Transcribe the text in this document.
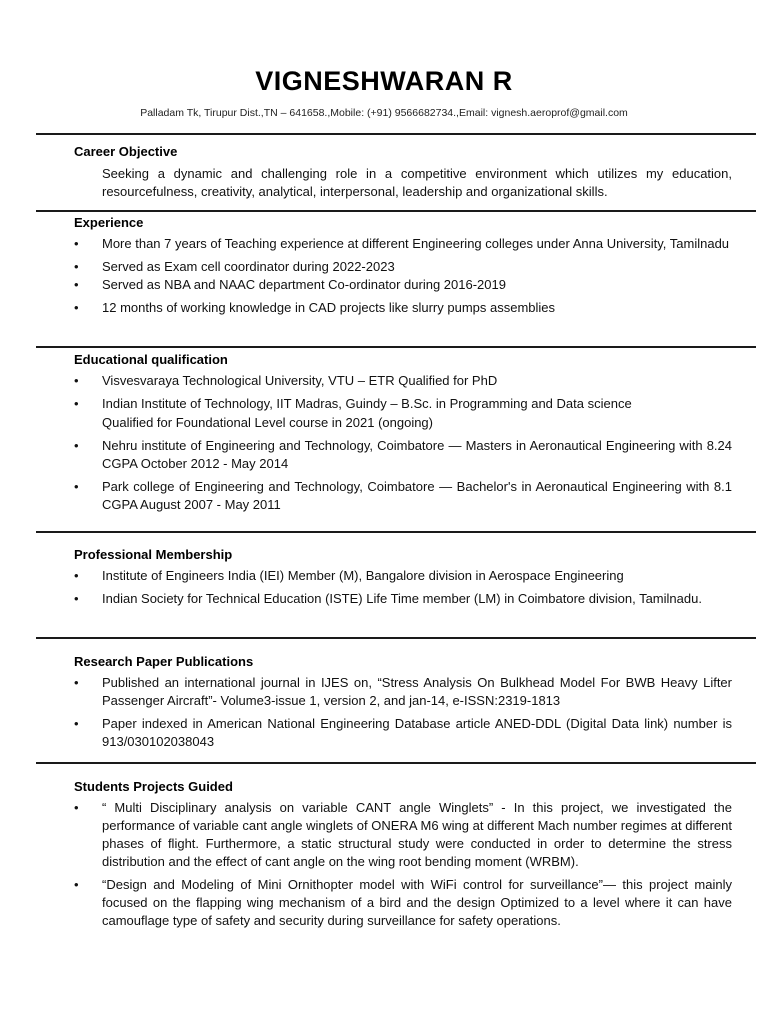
VIGNESHWARAN R
Palladam Tk, Tirupur Dist.,TN – 641658.,Mobile: (+91) 9566682734.,Email: vignesh.aeroprof@gmail.com
Career Objective
Seeking a dynamic and challenging role in a competitive environment which utilizes my education, resourcefulness, creativity, analytical, interpersonal, leadership and organizational skills.
Experience
•	More than 7 years of Teaching experience at different Engineering colleges under Anna University, Tamilnadu
•	Served as Exam cell coordinator during 2022-2023
•	Served as NBA and NAAC department Co-ordinator during 2016-2019
•	12 months of working knowledge in CAD projects like slurry pumps assemblies
Educational qualification
•	Visvesvaraya Technological University, VTU – ETR Qualified for PhD
•	Indian Institute of Technology, IIT Madras, Guindy – B.Sc. in Programming and Data science
Qualified for Foundational Level course in 2021 (ongoing)
•	Nehru institute of Engineering and Technology, Coimbatore — Masters in Aeronautical Engineering with 8.24 CGPA October 2012 - May 2014
•	Park college of Engineering and Technology, Coimbatore — Bachelor's in Aeronautical Engineering with 8.1 CGPA August 2007 - May 2011
Professional Membership
•	Institute of Engineers India (IEI) Member (M), Bangalore division in Aerospace Engineering
•	Indian Society for Technical Education (ISTE) Life Time member (LM) in Coimbatore division, Tamilnadu.
Research Paper Publications
•	Published an international journal in IJES on, “Stress Analysis On Bulkhead Model For BWB Heavy Lifter Passenger Aircraft”- Volume3-issue 1, version 2, and jan-14, e-ISSN:2319-1813
•	Paper indexed in American National Engineering Database article ANED-DDL (Digital Data link) number is 913/030102038043
Students Projects Guided
•	“ Multi Disciplinary analysis on variable CANT angle Winglets” - In this project, we investigated the performance of variable cant angle winglets of ONERA M6 wing at different Mach number regimes at different phases of flight. Furthermore, a static structural study were conducted in order to determine the stress distribution and the effect of cant angle on the wing root bending moment (WRBM).
•	“Design and Modeling of Mini Ornithopter model with WiFi control for surveillance”— this project mainly focused on the flapping wing mechanism of a bird and the design Optimized to a level where it can have camouflage type of safety and security during surveillance for safety operations.
